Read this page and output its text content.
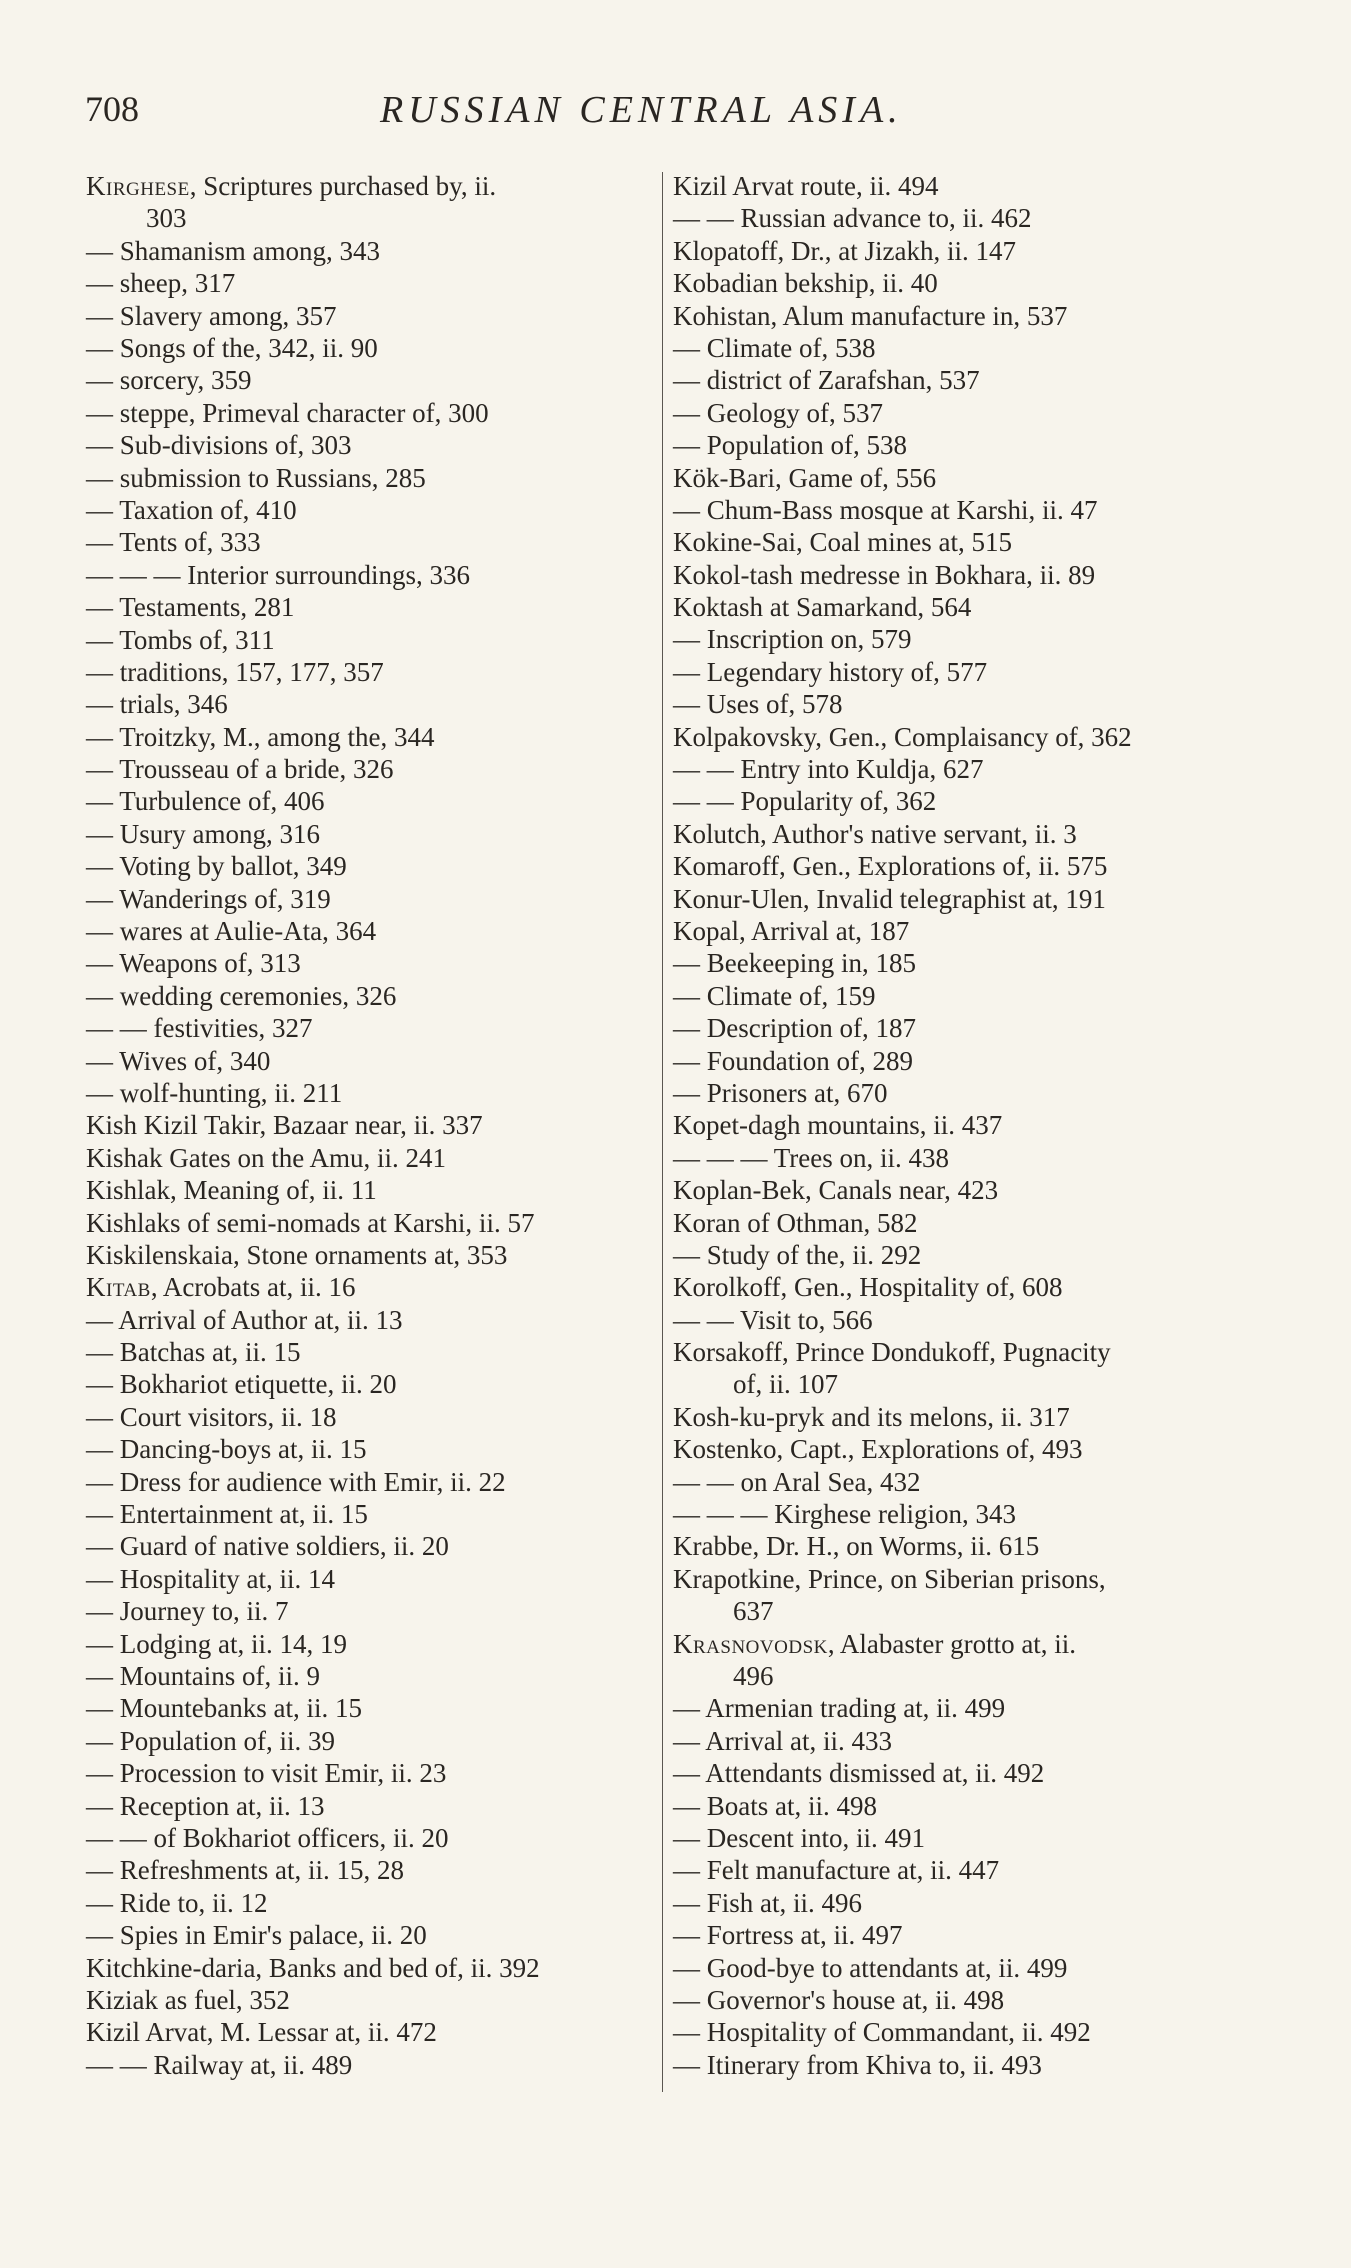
708	RUSSIAN CENTRAL ASIA.
Kirghese, Scriptures purchased by, ii.
303
— Shamanism among, 343
— sheep, 317
— Slavery among, 357
— Songs of the, 342, ii. 90
— sorcery, 359
— steppe, Primeval character of, 300
— Sub-divisions of, 303
— submission to Russians, 285
— Taxation of, 410
— Tents of, 333
— — — Interior surroundings, 336
— Testaments, 281
— Tombs of, 311
— traditions, 157, 177, 357
— trials, 346
— Troitzky, M., among the, 344
— Trousseau of a bride, 326
— Turbulence of, 406
— Usury among, 316
— Voting by ballot, 349
— Wanderings of, 319
— wares at Aulie-Ata, 364
— Weapons of, 313
— wedding ceremonies, 326
— — festivities, 327
— Wives of, 340
— wolf-hunting, ii. 211
Kish Kizil Takir, Bazaar near, ii. 337
Kishak Gates on the Amu, ii. 241
Kishlak, Meaning of, ii. 11
Kishlaks of semi-nomads at Karshi, ii. 57
Kiskilenskaia, Stone ornaments at, 353
Kitab, Acrobats at, ii. 16
— Arrival of Author at, ii. 13
— Batchas at, ii. 15
— Bokhariot etiquette, ii. 20
— Court visitors, ii. 18
— Dancing-boys at, ii. 15
— Dress for audience with Emir, ii. 22
— Entertainment at, ii. 15
— Guard of native soldiers, ii. 20
— Hospitality at, ii. 14
— Journey to, ii. 7
— Lodging at, ii. 14, 19
— Mountains of, ii. 9
— Mountebanks at, ii. 15
— Population of, ii. 39
— Procession to visit Emir, ii. 23
— Reception at, ii. 13
— — of Bokhariot officers, ii. 20
— Refreshments at, ii. 15, 28
— Ride to, ii. 12
— Spies in Emir's palace, ii. 20
Kitchkine-daria, Banks and bed of, ii. 392
Kiziak as fuel, 352
Kizil Arvat, M. Lessar at, ii. 472
— — Railway at, ii. 489
Kizil Arvat route, ii. 494
— — Russian advance to, ii. 462
Klopatoff, Dr., at Jizakh, ii. 147
Kobadian bekship, ii. 40
Kohistan, Alum manufacture in, 537
— Climate of, 538
— district of Zarafshan, 537
— Geology of, 537
— Population of, 538
Kök-Bari, Game of, 556
— Chum-Bass mosque at Karshi, ii. 47
Kokine-Sai, Coal mines at, 515
Kokol-tash medresse in Bokhara, ii. 89
Koktash at Samarkand, 564
— Inscription on, 579
— Legendary history of, 577
— Uses of, 578
Kolpakovsky, Gen., Complaisancy of, 362
— — Entry into Kuldja, 627
— — Popularity of, 362
Kolutch, Author's native servant, ii. 3
Komaroff, Gen., Explorations of, ii. 575
Konur-Ulen, Invalid telegraphist at, 191
Kopal, Arrival at, 187
— Beekeeping in, 185
— Climate of, 159
— Description of, 187
— Foundation of, 289
— Prisoners at, 670
Kopet-dagh mountains, ii. 437
— — — Trees on, ii. 438
Koplan-Bek, Canals near, 423
Koran of Othman, 582
— Study of the, ii. 292
Korolkoff, Gen., Hospitality of, 608
— — Visit to, 566
Korsakoff, Prince Dondukoff, Pugnacity
of, ii. 107
Kosh-ku-pryk and its melons, ii. 317
Kostenko, Capt., Explorations of, 493
— — on Aral Sea, 432
— — — Kirghese religion, 343
Krabbe, Dr. H., on Worms, ii. 615
Krapotkine, Prince, on Siberian prisons,
637
Krasnovodsk, Alabaster grotto at, ii.
496
— Armenian trading at, ii. 499
— Arrival at, ii. 433
— Attendants dismissed at, ii. 492
— Boats at, ii. 498
— Descent into, ii. 491
— Felt manufacture at, ii. 447
— Fish at, ii. 496
— Fortress at, ii. 497
— Good-bye to attendants at, ii. 499
— Governor's house at, ii. 498
— Hospitality of Commandant, ii. 492
— Itinerary from Khiva to, ii. 493
